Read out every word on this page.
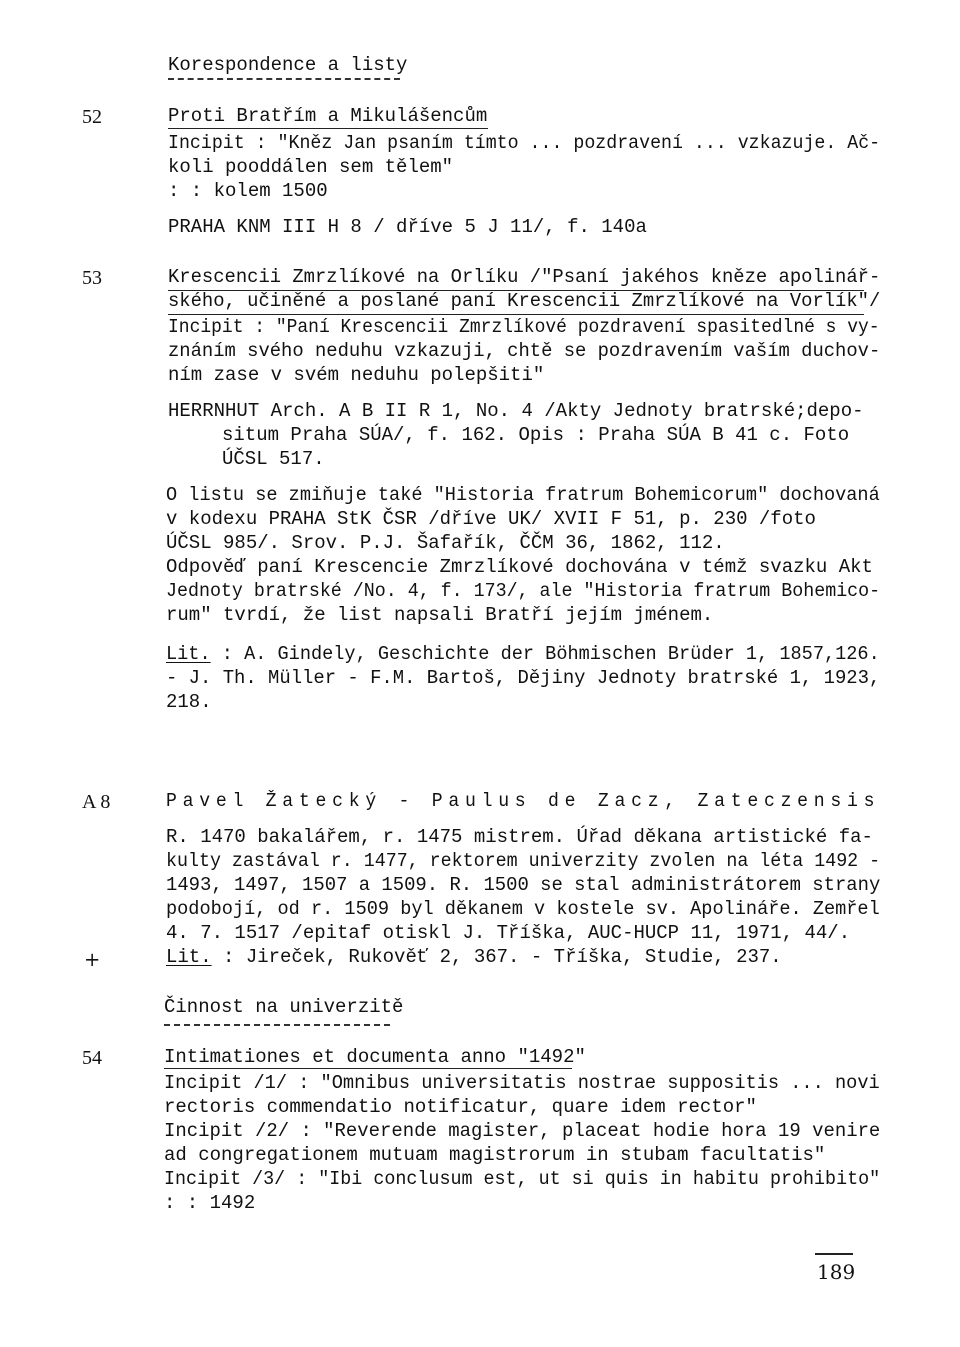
Korespondence a listy
52	Proti Bratřím a Mikulášencům
Incipit : "Kněz Jan psaním tímto ... pozdravení ... vzkazuje. Ač-
koli pooddálen sem tělem"
: : kolem 1500
PRAHA KNM III H 8 / dříve 5 J 11/, f. 140a
53	Krescencii Zmrzlíkové na Orlíku /"Psaní jakéhos kněze apolinář-
ského, učiněné a poslané paní Krescencii Zmrzlíkové na Vorlík"/
Incipit : "Paní Krescencii Zmrzlíkové pozdravení spasitedlné s vy-
znáním svého neduhu vzkazuji, chtě se pozdravením vaším duchov-
ním zase v svém neduhu polepšiti"
HERRNHUT Arch. A B II R 1, No. 4 /Akty Jednoty bratrské;depo-
situm Praha SÚA/, f. 162. Opis : Praha SÚA B 41 c. Foto
ÚČSL 517.
O listu se zmiňuje také "Historia fratrum Bohemicorum" dochovaná
v kodexu PRAHA StK ČSR /dříve UK/ XVII F 51, p. 230 /foto
ÚČSL 985/. Srov. P.J. Šafařík, ČČM 36, 1862, 112.
Odpověď paní Krescencie Zmrzlíkové dochována v témž svazku Akt
Jednoty bratrské /No. 4, f. 173/, ale "Historia fratrum Bohemico-
rum" tvrdí, že list napsali Bratří jejím jménem.
Lit. : A. Gindely, Geschichte der Böhmischen Brüder 1, 1857,126.
- J. Th. Müller - F.M. Bartoš, Dějiny Jednoty bratrské 1, 1923,
218.
A 8	Pavel Žatecký - Paulus de Zacz, Zateczensis
R. 1470 bakalářem, r. 1475 mistrem. Úřad děkana artistické fa-
kulty zastával r. 1477, rektorem univerzity zvolen na léta 1492 -
1493, 1497, 1507 a 1509. R. 1500 se stal administrátorem strany
podobojí, od r. 1509 byl děkanem v kostele sv. Apolináře. Zemřel
4. 7. 1517 /epitaf otiskl J. Tříška, AUC-HUCP 11, 1971, 44/.
+	Lit. : Jireček, Rukověť 2, 367. - Tříška, Studie, 237.
Činnost na univerzitě
54	Intimationes et documenta anno "1492"
Incipit /1/ : "Omnibus universitatis nostrae suppositis ... novi
rectoris commendatio notificatur, quare idem rector"
Incipit /2/ : "Reverende magister, placeat hodie hora 19 venire
ad congregationem mutuam magistrorum in stubam facultatis"
Incipit /3/ : "Ibi conclusum est, ut si quis in habitu prohibito"
: : 1492
189
